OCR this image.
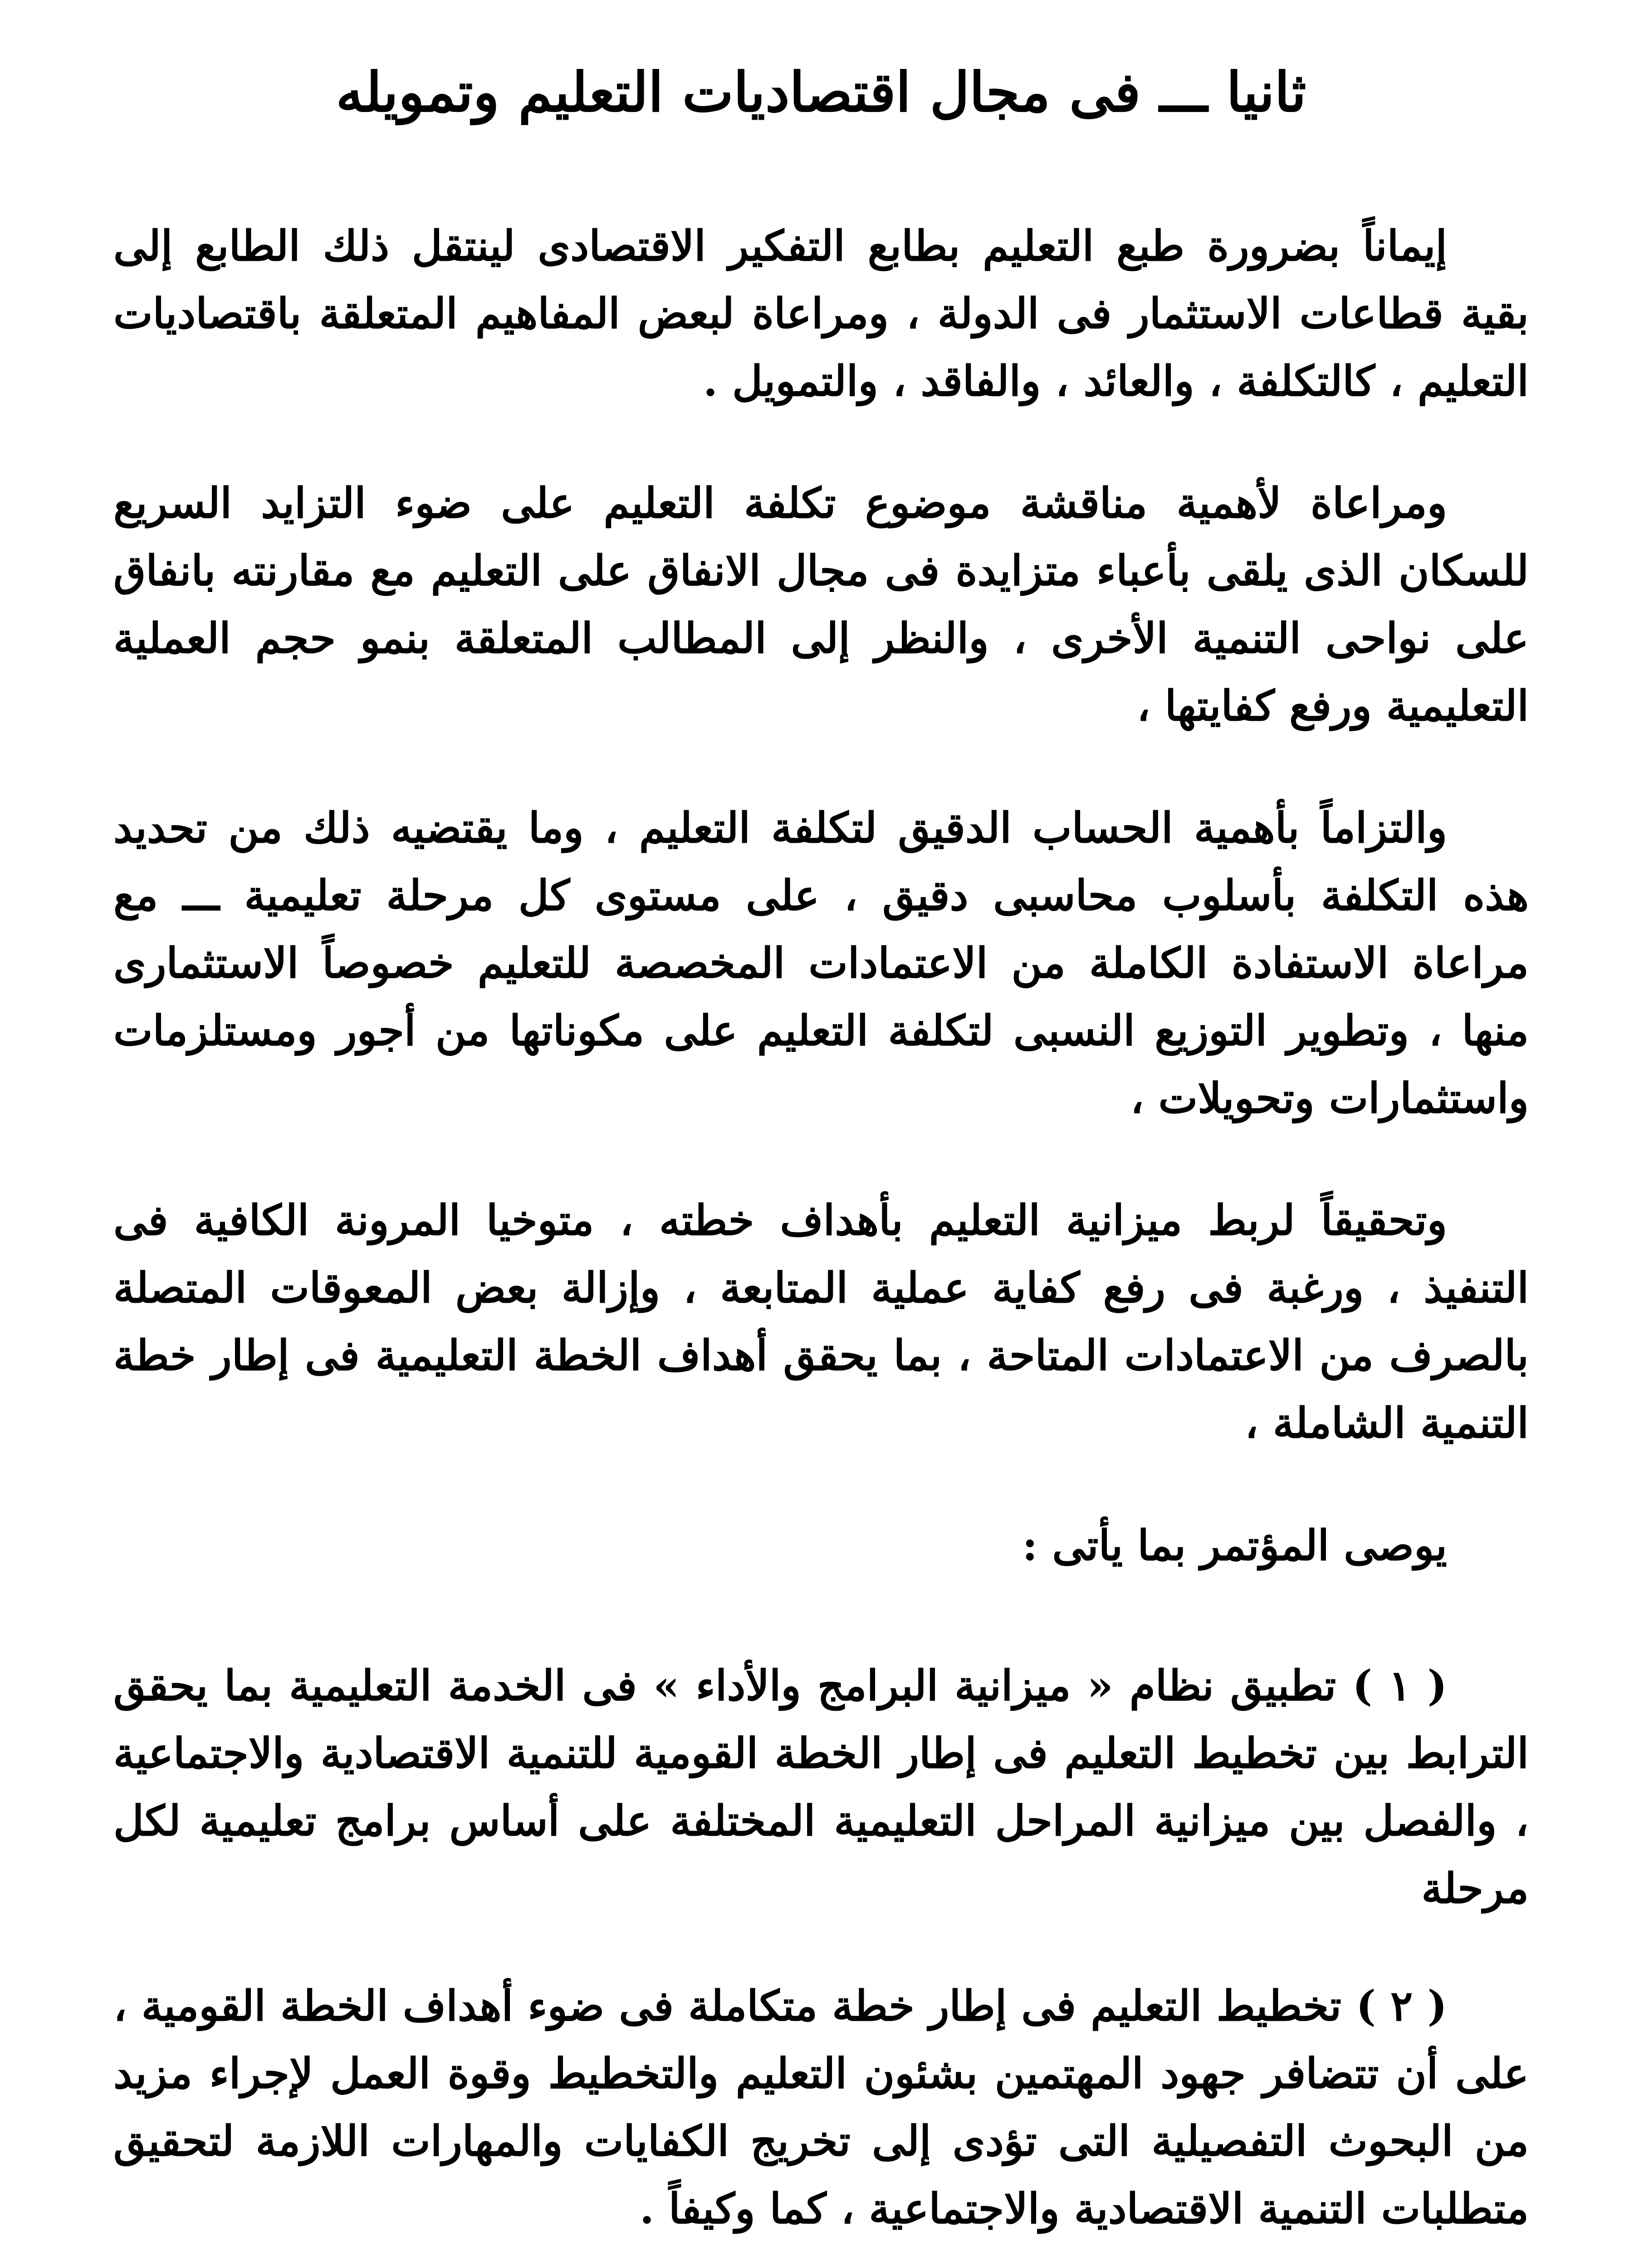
ثانيا ـــ فى مجال اقتصاديات التعليم وتمويله

إيماناً بضرورة طبع التعليم بطابع التفكير الاقتصادى لينتقل ذلك الطابع إلى بقية قطاعات الاستثمار فى الدولة ، ومراعاة لبعض المفاهيم المتعلقة باقتصاديات التعليم ، كالتكلفة ، والعائد ، والفاقد ، والتمويل .

ومراعاة لأهمية مناقشة موضوع تكلفة التعليم على ضوء التزايد السريع للسكان الذى يلقى بأعباء متزايدة فى مجال الانفاق على التعليم مع مقارنته بانفاق على نواحى التنمية الأخرى ، والنظر إلى المطالب المتعلقة بنمو حجم العملية التعليمية ورفع كفايتها ،

والتزاماً بأهمية الحساب الدقيق لتكلفة التعليم ، وما يقتضيه ذلك من تحديد هذه التكلفة بأسلوب محاسبى دقيق ، على مستوى كل مرحلة تعليمية ـــ مع مراعاة الاستفادة الكاملة من الاعتمادات المخصصة للتعليم خصوصاً الاستثمارى منها ، وتطوير التوزيع النسبى لتكلفة التعليم على مكوناتها من أجور ومستلزمات واستثمارات وتحويلات ،

وتحقيقاً لربط ميزانية التعليم بأهداف خطته ، متوخيا المرونة الكافية فى التنفيذ ، ورغبة فى رفع كفاية عملية المتابعة ، وإزالة بعض المعوقات المتصلة بالصرف من الاعتمادات المتاحة ، بما يحقق أهداف الخطة التعليمية فى إطار خطة التنمية الشاملة ،

يوصى المؤتمر بما يأتى :

( ١ ) تطبيق نظام « ميزانية البرامج والأداء » فى الخدمة التعليمية بما يحقق الترابط بين تخطيط التعليم فى إطار الخطة القومية للتنمية الاقتصادية والاجتماعية ، والفصل بين ميزانية المراحل التعليمية المختلفة على أساس برامج تعليمية لكل مرحلة

( ٢ ) تخطيط التعليم فى إطار خطة متكاملة فى ضوء أهداف الخطة القومية ، على أن تتضافر جهود المهتمين بشئون التعليم والتخطيط وقوة العمل لإجراء مزيد من البحوث التفصيلية التى تؤدى إلى تخريج الكفايات والمهارات اللازمة لتحقيق متطلبات التنمية الاقتصادية والاجتماعية ، كما وكيفاً .
